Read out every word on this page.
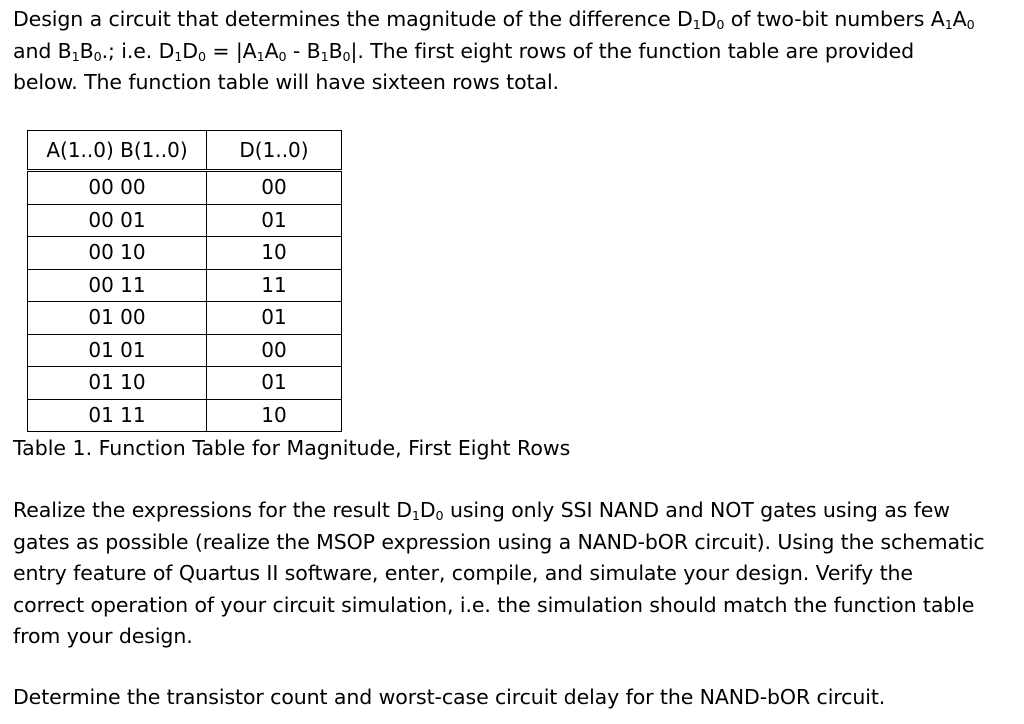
Design a circuit that determines the magnitude of the difference $D_1D_0$ of two-bit numbers $A_1A_0$
and $B_1B_0$.; i.e. $D_1D_0 = |A_1A_0 - B_1B_0|$. The first eight rows of the function table are provided
below. The function table will have sixteen rows total.
A(1..0) B(1..0)	D(1..0)
00 00	00
00 01	01
00 10	10
00 11	11
01 00	01
01 01	00
01 10	01
01 11	10

Table 1. Function Table for Magnitude, First Eight Rows

Realize the expressions for the result $D_1D_0$ using only SSI NAND and NOT gates using as few
gates as possible (realize the MSOP expression using a NAND-bOR circuit). Using the schematic
entry feature of Quartus II software, enter, compile, and simulate your design. Verify the
correct operation of your circuit simulation, i.e. the simulation should match the function table
from your design.
Determine the transistor count and worst-case circuit delay for the NAND-bOR circuit.
